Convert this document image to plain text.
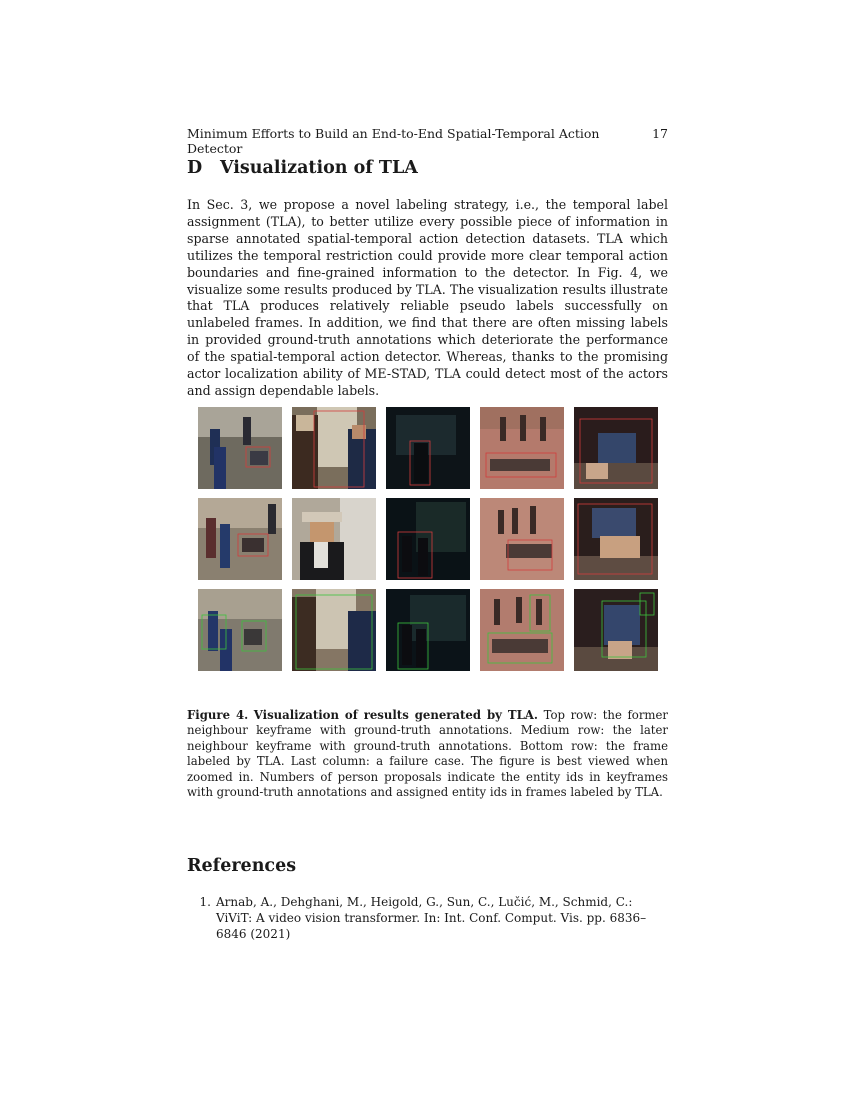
Minimum Efforts to Build an End-to-End Spatial-Temporal Action Detector
17
D Visualization of TLA

In Sec. 3, we propose a novel labeling strategy, i.e., the temporal label assignment (TLA), to better utilize every possible piece of information in sparse annotated spatial-temporal action detection datasets. TLA which utilizes the temporal restriction could provide more clear temporal action boundaries and fine-grained information to the detector. In Fig. 4, we visualize some results produced by TLA. The visualization results illustrate that TLA produces relatively reliable pseudo labels successfully on unlabeled frames. In addition, we find that there are often missing labels in provided ground-truth annotations which deteriorate the performance of the spatial-temporal action detector. Whereas, thanks to the promising actor localization ability of ME-STAD, TLA could detect most of the actors and assign dependable labels.

Figure 4. Visualization of results generated by TLA. Top row: the former neighbour keyframe with ground-truth annotations. Medium row: the later neighbour keyframe with ground-truth annotations. Bottom row: the frame labeled by TLA. Last column: a failure case. The figure is best viewed when zoomed in. Numbers of person proposals indicate the entity ids in keyframes with ground-truth annotations and assigned entity ids in frames labeled by TLA.

References
1. Arnab, A., Dehghani, M., Heigold, G., Sun, C., Lučić, M., Schmid, C.: ViViT: A video vision transformer. In: Int. Conf. Comput. Vis. pp. 6836–6846 (2021)
